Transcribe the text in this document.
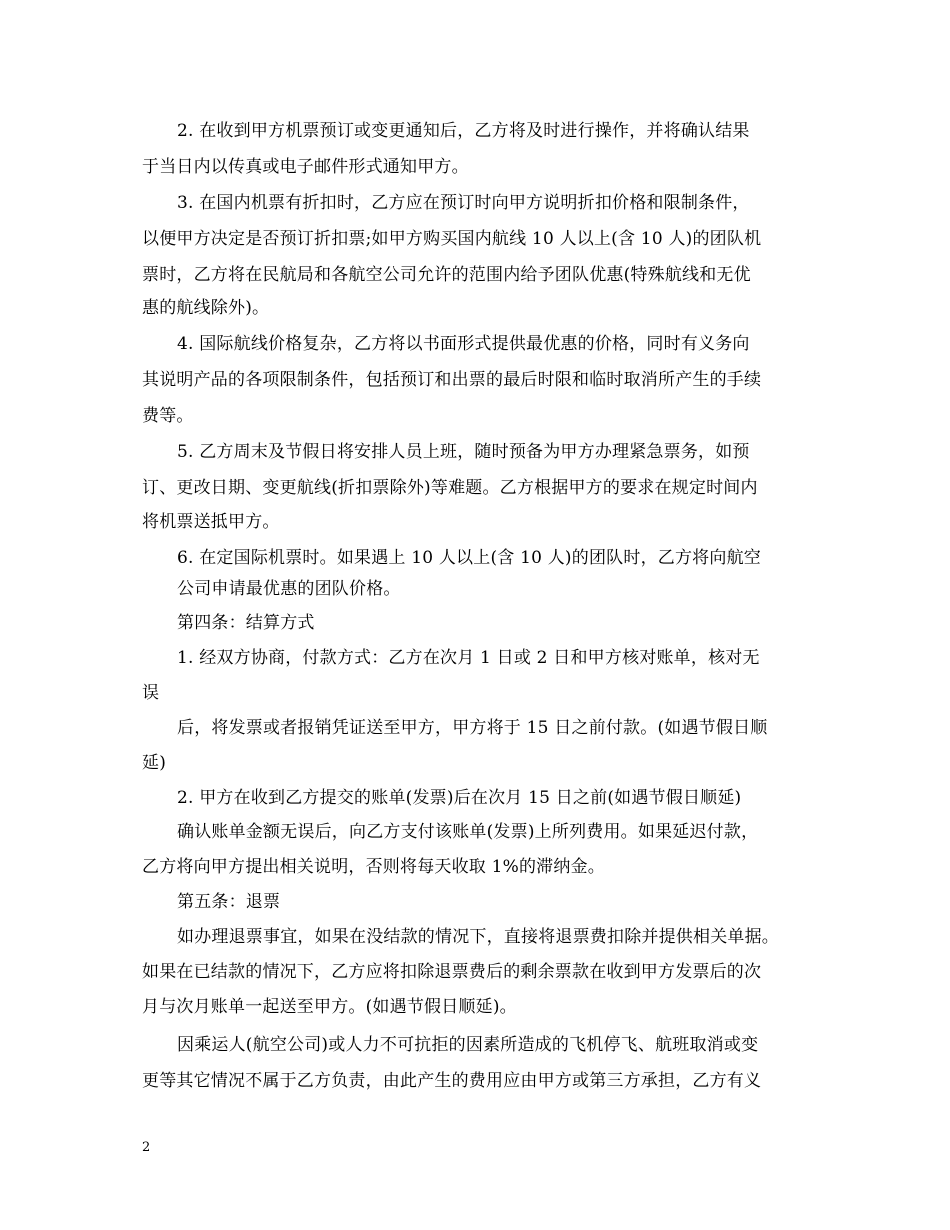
2. 在收到甲方机票预订或变更通知后，乙方将及时进行操作，并将确认结果
于当日内以传真或电子邮件形式通知甲方。
3. 在国内机票有折扣时，乙方应在预订时向甲方说明折扣价格和限制条件，
以便甲方决定是否预订折扣票;如甲方购买国内航线 10 人以上(含 10 人)的团队机
票时，乙方将在民航局和各航空公司允许的范围内给予团队优惠(特殊航线和无优
惠的航线除外)。
4. 国际航线价格复杂，乙方将以书面形式提供最优惠的价格，同时有义务向
其说明产品的各项限制条件，包括预订和出票的最后时限和临时取消所产生的手续
费等。
5. 乙方周末及节假日将安排人员上班，随时预备为甲方办理紧急票务，如预
订、更改日期、变更航线(折扣票除外)等难题。乙方根据甲方的要求在规定时间内
将机票送抵甲方。
6. 在定国际机票时。如果遇上 10 人以上(含 10 人)的团队时，乙方将向航空
公司申请最优惠的团队价格。
第四条：结算方式
1. 经双方协商，付款方式：乙方在次月 1 日或 2 日和甲方核对账单，核对无
误
后，将发票或者报销凭证送至甲方，甲方将于 15 日之前付款。(如遇节假日顺
延)
2. 甲方在收到乙方提交的账单(发票)后在次月 15 日之前(如遇节假日顺延)
确认账单金额无误后，向乙方支付该账单(发票)上所列费用。如果延迟付款，
乙方将向甲方提出相关说明，否则将每天收取 1%的滞纳金。
第五条：退票
如办理退票事宜，如果在没结款的情况下，直接将退票费扣除并提供相关单据。
如果在已结款的情况下，乙方应将扣除退票费后的剩余票款在收到甲方发票后的次
月与次月账单一起送至甲方。(如遇节假日顺延)。
因乘运人(航空公司)或人力不可抗拒的因素所造成的飞机停飞、航班取消或变
更等其它情况不属于乙方负责，由此产生的费用应由甲方或第三方承担，乙方有义
2
